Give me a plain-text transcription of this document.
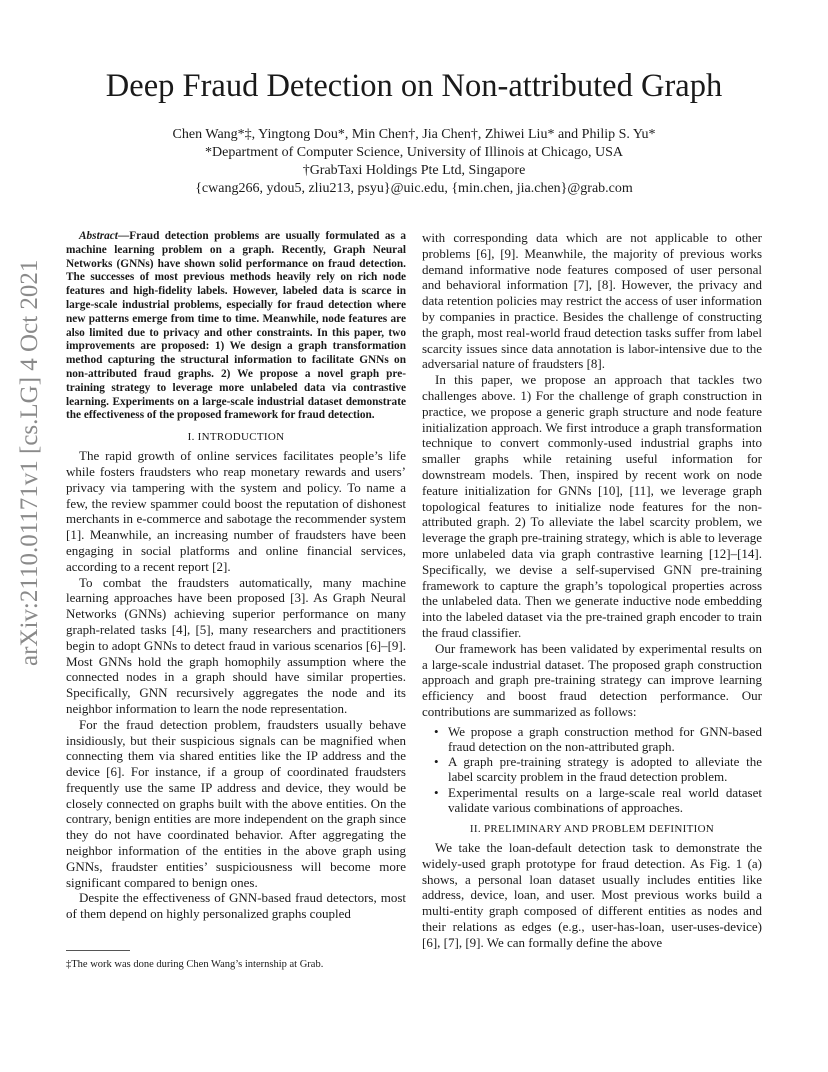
arXiv:2110.01171v1 [cs.LG] 4 Oct 2021
Deep Fraud Detection on Non-attributed Graph
Chen Wang*‡, Yingtong Dou*, Min Chen†, Jia Chen†, Zhiwei Liu* and Philip S. Yu*
*Department of Computer Science, University of Illinois at Chicago, USA
†GrabTaxi Holdings Pte Ltd, Singapore
{cwang266, ydou5, zliu213, psyu}@uic.edu, {min.chen, jia.chen}@grab.com

Abstract—Fraud detection problems are usually formulated as a machine learning problem on a graph. Recently, Graph Neural Networks (GNNs) have shown solid performance on fraud detection. The successes of most previous methods heavily rely on rich node features and high-fidelity labels. However, labeled data is scarce in large-scale industrial problems, especially for fraud detection where new patterns emerge from time to time. Meanwhile, node features are also limited due to privacy and other constraints. In this paper, two improvements are proposed: 1) We design a graph transformation method capturing the structural information to facilitate GNNs on non-attributed fraud graphs. 2) We propose a novel graph pre-training strategy to leverage more unlabeled data via contrastive learning. Experiments on a large-scale industrial dataset demonstrate the effectiveness of the proposed framework for fraud detection.

I. INTRODUCTION

The rapid growth of online services facilitates people’s life while fosters fraudsters who reap monetary rewards and users’ privacy via tampering with the system and policy. To name a few, the review spammer could boost the reputation of dishonest merchants in e-commerce and sabotage the recommender system [1]. Meanwhile, an increasing number of fraudsters have been engaging in social platforms and online financial services, according to a recent report [2].

To combat the fraudsters automatically, many machine learning approaches have been proposed [3]. As Graph Neural Networks (GNNs) achieving superior performance on many graph-related tasks [4], [5], many researchers and practitioners begin to adopt GNNs to detect fraud in various scenarios [6]–[9]. Most GNNs hold the graph homophily assumption where the connected nodes in a graph should have similar properties. Specifically, GNN recursively aggregates the node and its neighbor information to learn the node representation.

For the fraud detection problem, fraudsters usually behave insidiously, but their suspicious signals can be magnified when connecting them via shared entities like the IP address and the device [6]. For instance, if a group of coordinated fraudsters frequently use the same IP address and device, they would be closely connected on graphs built with the above entities. On the contrary, benign entities are more independent on the graph since they do not have coordinated behavior. After aggregating the neighbor information of the entities in the above graph using GNNs, fraudster entities’ suspiciousness will become more significant compared to benign ones.

Despite the effectiveness of GNN-based fraud detectors, most of them depend on highly personalized graphs coupled

‡The work was done during Chen Wang’s internship at Grab.

with corresponding data which are not applicable to other problems [6], [9]. Meanwhile, the majority of previous works demand informative node features composed of user personal and behavioral information [7], [8]. However, the privacy and data retention policies may restrict the access of user information by companies in practice. Besides the challenge of constructing the graph, most real-world fraud detection tasks suffer from label scarcity issues since data annotation is labor-intensive due to the adversarial nature of fraudsters [8].

In this paper, we propose an approach that tackles two challenges above. 1) For the challenge of graph construction in practice, we propose a generic graph structure and node feature initialization approach. We first introduce a graph transformation technique to convert commonly-used industrial graphs into smaller graphs while retaining useful information for downstream models. Then, inspired by recent work on node feature initialization for GNNs [10], [11], we leverage graph topological features to initialize node features for the non-attributed graph. 2) To alleviate the label scarcity problem, we leverage the graph pre-training strategy, which is able to leverage more unlabeled data via graph contrastive learning [12]–[14]. Specifically, we devise a self-supervised GNN pre-training framework to capture the graph’s topological properties across the unlabeled data. Then we generate inductive node embedding into the labeled dataset via the pre-trained graph encoder to train the fraud classifier.

Our framework has been validated by experimental results on a large-scale industrial dataset. The proposed graph construction approach and graph pre-training strategy can improve learning efficiency and boost fraud detection performance. Our contributions are summarized as follows:

• We propose a graph construction method for GNN-based fraud detection on the non-attributed graph.
• A graph pre-training strategy is adopted to alleviate the label scarcity problem in the fraud detection problem.
• Experimental results on a large-scale real world dataset validate various combinations of approaches.
II. PRELIMINARY AND PROBLEM DEFINITION

We take the loan-default detection task to demonstrate the widely-used graph prototype for fraud detection. As Fig. 1 (a) shows, a personal loan dataset usually includes entities like address, device, loan, and user. Most previous works build a multi-entity graph composed of different entities as nodes and their relations as edges (e.g., user-has-loan, user-uses-device) [6], [7], [9]. We can formally define the above
